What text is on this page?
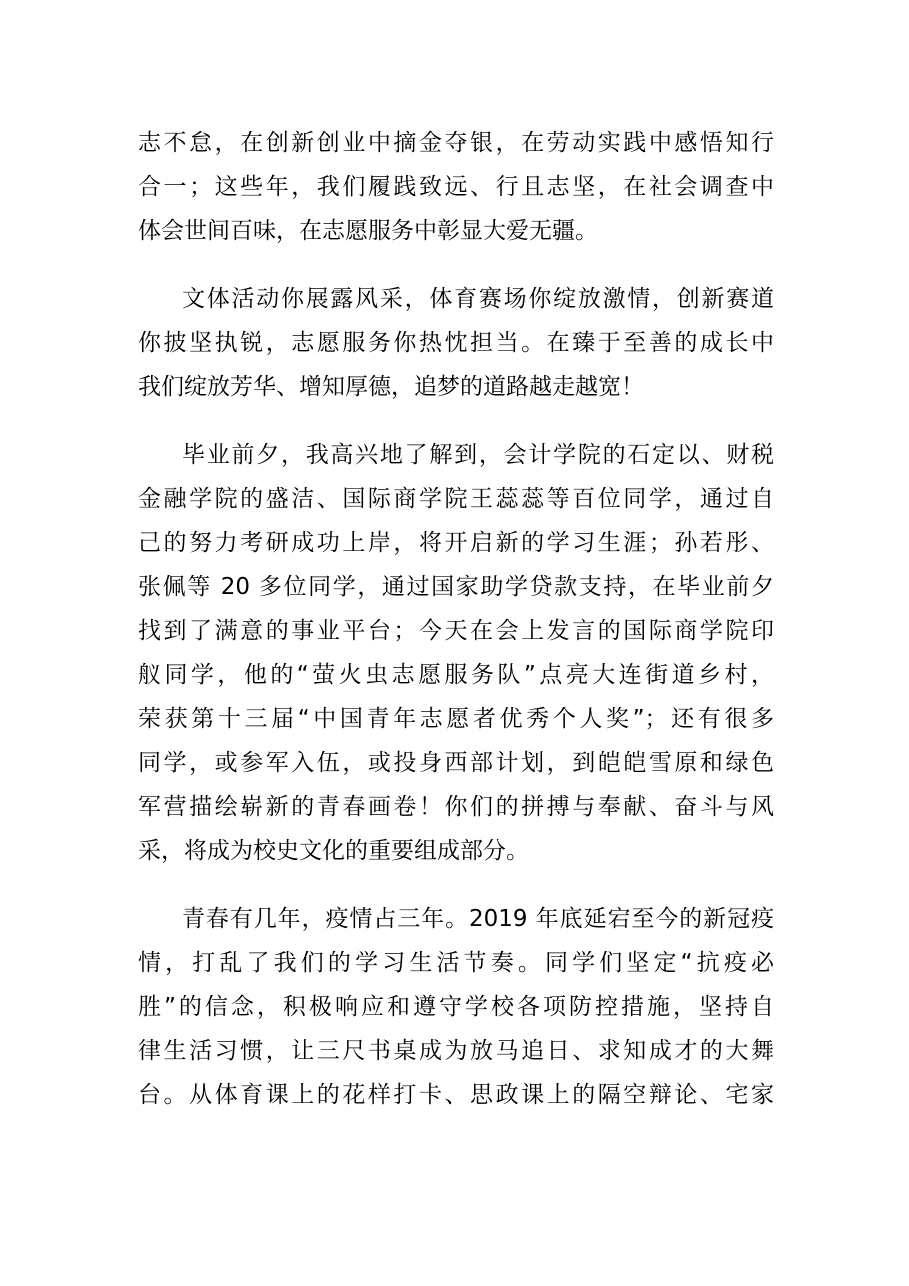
志不怠，在创新创业中摘金夺银，在劳动实践中感悟知行
合一；这些年，我们履践致远、行且志坚，在社会调查中
体会世间百味，在志愿服务中彰显大爱无疆。
文体活动你展露风采，体育赛场你绽放激情，创新赛道
你披坚执锐，志愿服务你热忱担当。在臻于至善的成长中
我们绽放芳华、增知厚德，追梦的道路越走越宽！
毕业前夕，我高兴地了解到，会计学院的石定以、财税
金融学院的盛洁、国际商学院王蕊蕊等百位同学，通过自
己的努力考研成功上岸，将开启新的学习生涯；孙若彤、
张佩等 20 多位同学，通过国家助学贷款支持，在毕业前夕
找到了满意的事业平台；今天在会上发言的国际商学院印
舣同学，他的“萤火虫志愿服务队”点亮大连街道乡村，
荣获第十三届“中国青年志愿者优秀个人奖”；还有很多
同学，或参军入伍，或投身西部计划，到皑皑雪原和绿色
军营描绘崭新的青春画卷！你们的拼搏与奉献、奋斗与风
采，将成为校史文化的重要组成部分。
青春有几年，疫情占三年。2019 年底延宕至今的新冠疫
情，打乱了我们的学习生活节奏。同学们坚定“抗疫必
胜”的信念，积极响应和遵守学校各项防控措施，坚持自
律生活习惯，让三尺书桌成为放马追日、求知成才的大舞
台。从体育课上的花样打卡、思政课上的隔空辩论、宅家
